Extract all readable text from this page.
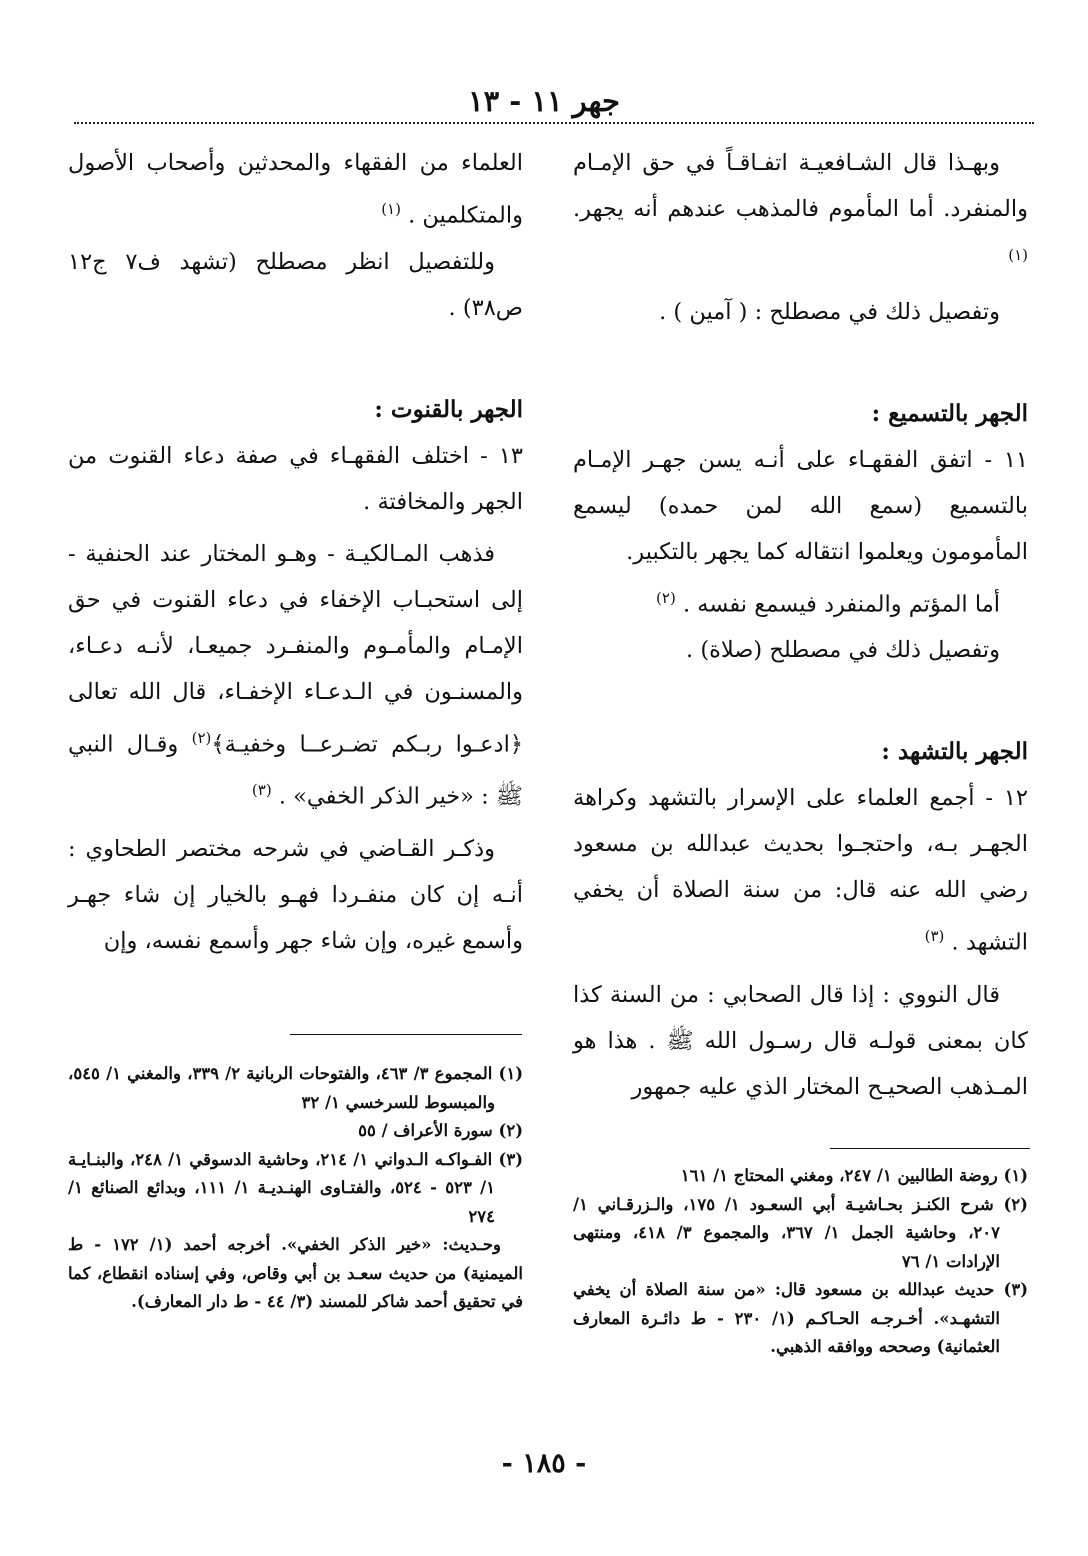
جهر ١١ - ١٣

وبهـذا قال الشـافعيـة اتفـاقـاً في حق الإمـام والمنفرد. أما المأموم فالمذهب عندهم أنه يجهر. $^{(١)}$

وتفصيل ذلك في مصطلح : ( آمين ) .

الجهر بالتسميع :

١١ - اتفق الفقهـاء على أنـه يسن جهـر الإمـام بالتسميع (سمع الله لمن حمده) ليسمع المأمومون ويعلموا انتقاله كما يجهر بالتكبير.

أما المؤتم والمنفرد فيسمع نفسه . $^{(٢)}$

وتفصيل ذلك في مصطلح (صلاة) .

الجهر بالتشهد :

١٢ - أجمع العلماء على الإسرار بالتشهد وكراهة الجهـر بـه، واحتجـوا بحديث عبدالله بن مسعود رضي الله عنه قال: من سنة الصلاة أن يخفي التشهد . $^{(٣)}$

قال النووي : إذا قال الصحابي : من السنة كذا كان بمعنى قولـه قال رسـول الله ﷺ . هذا هو المـذهب الصحيـح المختار الذي عليه جمهور

العلماء من الفقهاء والمحدثين وأصحاب الأصول والمتكلمين . $^{(١)}$

وللتفصيل انظر مصطلح (تشهد ف٧ ج١٢ ص٣٨) .

الجهر بالقنوت :

١٣ - اختلف الفقهـاء في صفة دعاء القنوت من الجهر والمخافتة .

فذهب المـالكيـة - وهـو المختار عند الحنفية - إلى استحبـاب الإخفاء في دعاء القنوت في حق الإمـام والمأمـوم والمنفـرد جميعـا، لأنـه دعـاء، والمسنـون في الـدعـاء الإخفـاء، قال الله تعالى ﴿ادعـوا ربـكم تضـرعــا وخفيـة﴾$^{(٢)}$ وقـال النبي ﷺ : «خير الذكر الخفي» . $^{(٣)}$

وذكـر القـاضي في شرحه مختصر الطحاوي : أنـه إن كان منفـردا فهـو بالخيار إن شاء جهـر وأسمع غيره، وإن شاء جهر وأسمع نفسه، وإن

(١) روضة الطالبين ١/ ٢٤٧، ومغني المحتاج ١/ ١٦١

(٢) شرح الكنـز بحـاشيـة أبي السعـود ١/ ١٧٥، والـزرقـاني ١/ ٢٠٧، وحاشية الجمل ١/ ٣٦٧، والمجموع ٣/ ٤١٨، ومنتهى الإرادات ١/ ٧٦

(٣) حديث عبدالله بن مسعود قال: «من سنة الصلاة أن يخفي التشهـد». أخـرجـه الحـاكـم (١/ ٢٣٠ - ط دائـرة المعارف العثمانية) وصححه ووافقه الذهبي.

(١) المجموع ٣/ ٤٦٣، والفتوحات الربانية ٢/ ٣٣٩، والمغني ١/ ٥٤٥، والمبسوط للسرخسي ١/ ٣٢

(٢) سورة الأعراف / ٥٥

(٣) الفـواكـه الـدواني ١/ ٢١٤، وحاشية الدسوقي ١/ ٢٤٨، والبنـايـة ١/ ٥٢٣ - ٥٢٤، والفتـاوى الهنـديـة ١/ ١١١، وبدائع الصنائع ١/ ٢٧٤

وحـديث: «خير الذكر الخفي». أخرجه أحمد (١/ ١٧٢ - ط الميمنية) من حديث سعـد بن أبي وقاص، وفي إسناده انقطاع، كما في تحقيق أحمد شاكر للمسند (٣/ ٤٤ - ط دار المعارف).

- ١٨٥ -
